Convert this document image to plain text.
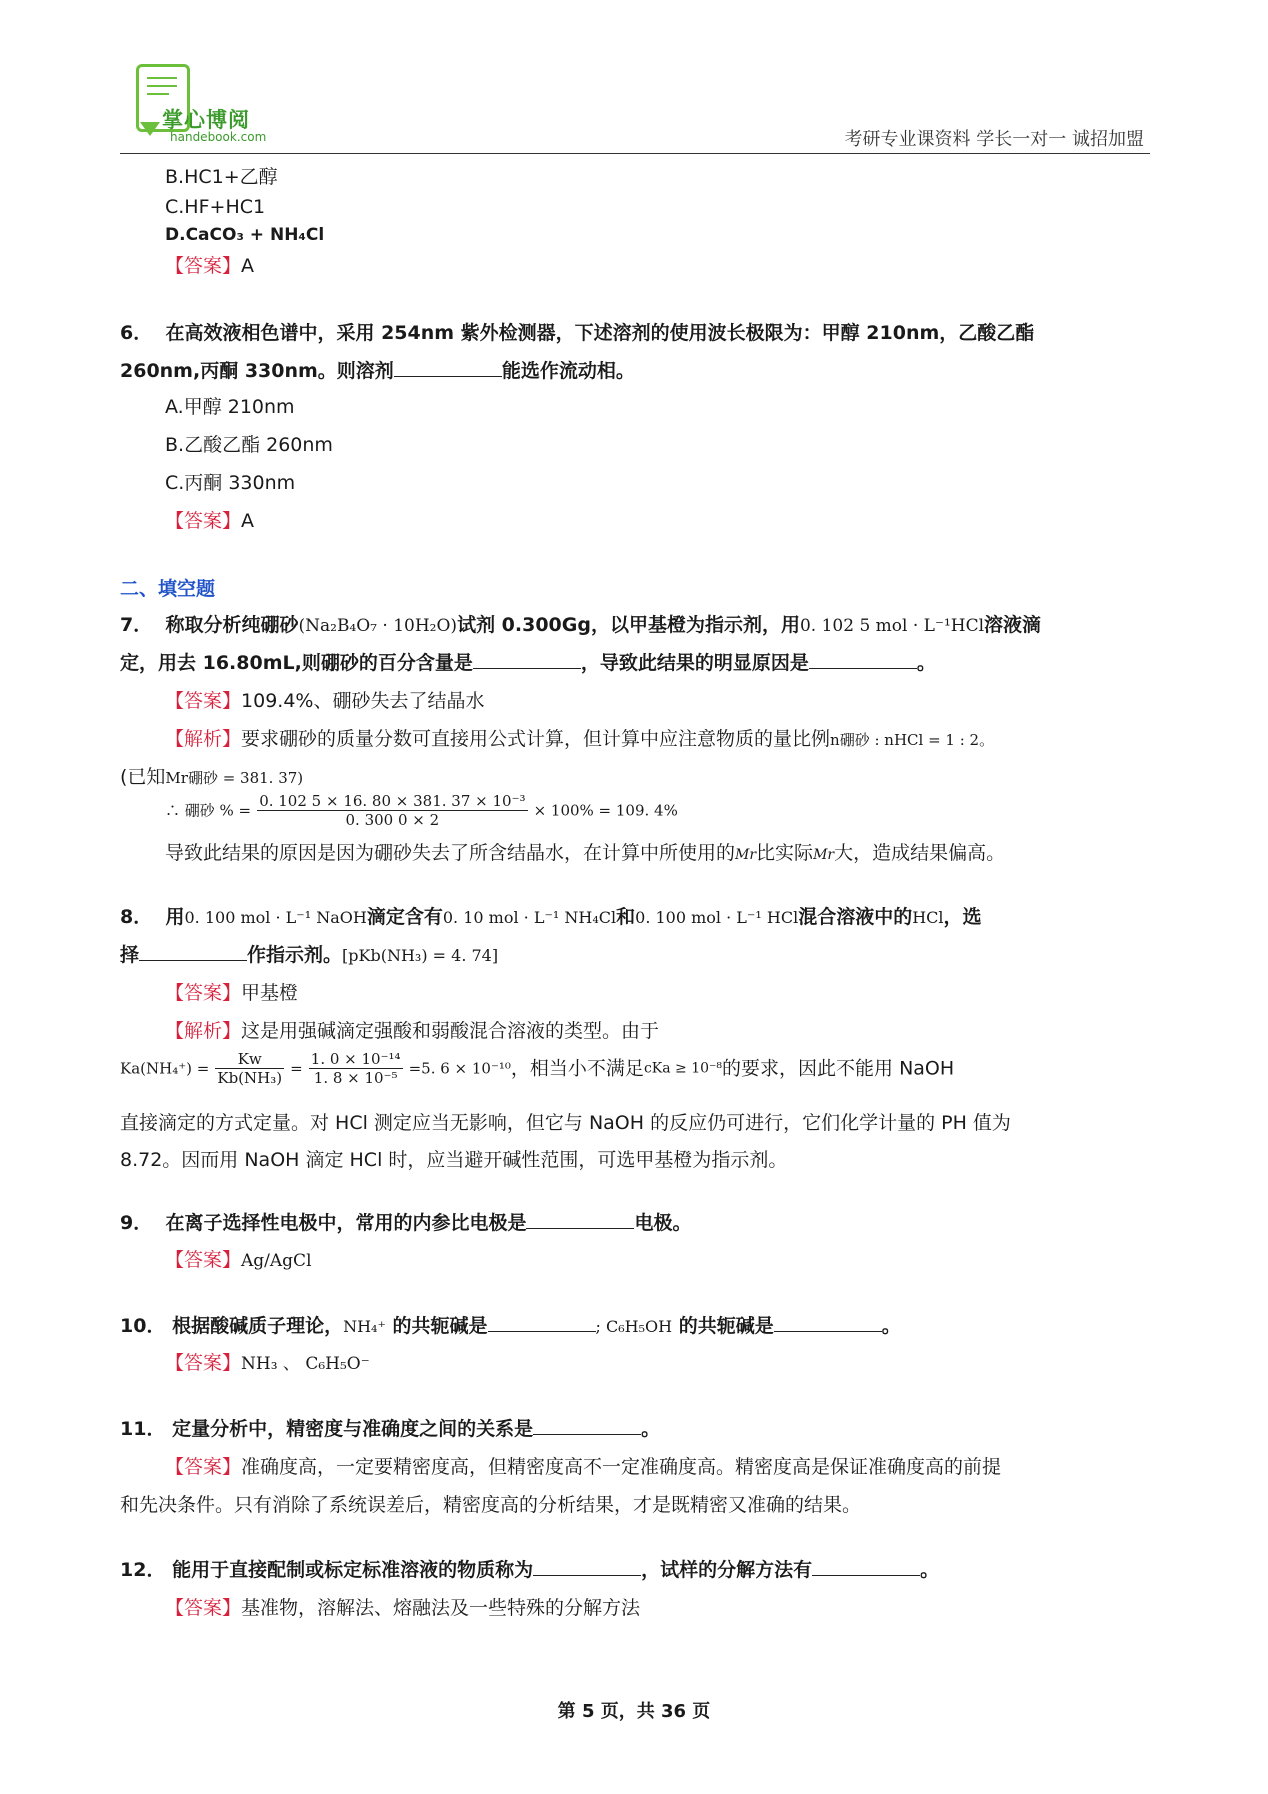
掌心博阅
handebook.com	考研专业课资料 学长一对一 诚招加盟
B.HC1+乙醇
C.HF+HC1
D.CaCO₃ + NH₄Cl
【答案】A
6． 在高效液相色谱中，采用 254nm 紫外检测器，下述溶剂的使用波长极限为：甲醇 210nm，乙酸乙酯
260nm,丙酮 330nm。则溶剂	能选作流动相。
A.甲醇 210nm
B.乙酸乙酯 260nm
C.丙酮 330nm
【答案】A
二、填空题
7． 称取分析纯硼砂(Na₂B₄O₇ · 10H₂O)试剂 0.300Gg，以甲基橙为指示剂，用0. 102 5 mol · L⁻¹HCl溶液滴
定，用去 16.80mL,则硼砂的百分含量是	，导致此结果的明显原因是	。
【答案】109.4%、硼砂失去了结晶水
【解析】要求硼砂的质量分数可直接用公式计算，但计算中应注意物质的量比例n硼砂 : nHCl = 1 : 2。
(已知Mr硼砂 = 381. 37)
∴ 硼砂 % = $\frac{\text{0. 102 5 × 16. 80 × 381. 37 × 10⁻³}}{0. 300 0 \times 2} \times 100\% = 109$. 4%
导致此结果的原因是因为硼砂失去了所含结晶水，在计算中所使用的Mr比实际Mr大，造成结果偏高。
8． 用0. 100 mol · L⁻¹ NaOH滴定含有0. 10 mol · L⁻¹ NH₄Cl和0. 100 mol · L⁻¹ HCl混合溶液中的HCl，选
择	作指示剂。[pKb(NH₃) = 4. 74]
【答案】甲基橙
【解析】这是用强碱滴定强酸和弱酸混合溶液的类型。由于
$Ka(NH_4^+) = \frac{Kw}{\text{Kb(NH₃)}} = \frac{\text{1. 0 × 10⁻¹⁴}}{\text{1. 8 × 10⁻⁵}} =5$. 6 × 10⁻¹⁰，相当小不满足cKa ≥ 10⁻⁸的要求，因此不能用 NaOH
直接滴定的方式定量。对 HCl 测定应当无影响，但它与 NaOH 的反应仍可进行，它们化学计量的 PH 值为
8.72。因而用 NaOH 滴定 HCl 时，应当避开碱性范围，可选甲基橙为指示剂。
9． 在离子选择性电极中，常用的内参比电极是	电极。
【答案】Ag/AgCl
10． 根据酸碱质子理论，NH₄⁺ 的共轭碱是	; C₆H₅OH 的共轭碱是	。
【答案】NH₃ 、 C₆H₅O⁻
11． 定量分析中，精密度与准确度之间的关系是	。
【答案】准确度高，一定要精密度高，但精密度高不一定准确度高。精密度高是保证准确度高的前提
和先决条件。只有消除了系统误差后，精密度高的分析结果，才是既精密又准确的结果。
12． 能用于直接配制或标定标准溶液的物质称为	，试样的分解方法有	。
【答案】基准物，溶解法、熔融法及一些特殊的分解方法
第 5 页，共 36 页
